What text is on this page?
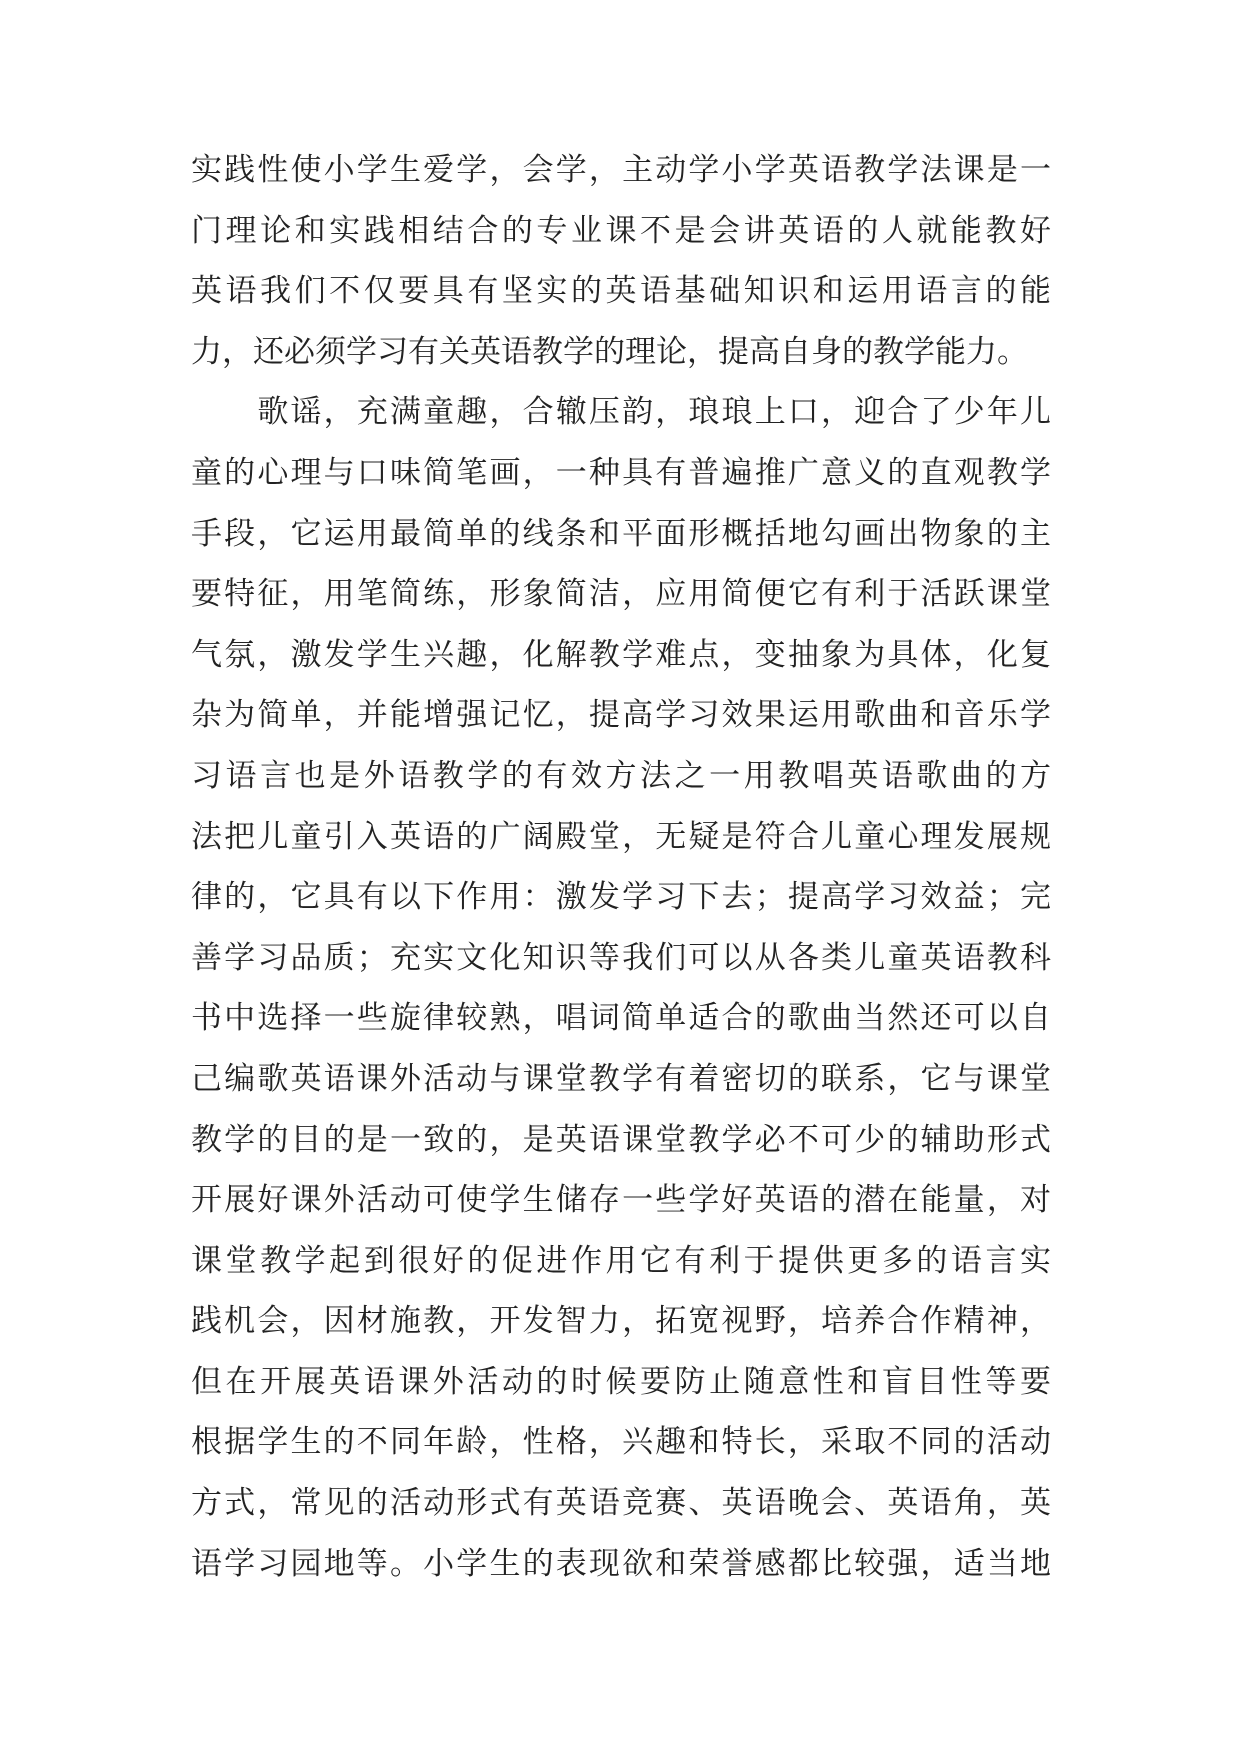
实践性使小学生爱学，会学，主动学小学英语教学法课是一
门理论和实践相结合的专业课不是会讲英语的人就能教好
英语我们不仅要具有坚实的英语基础知识和运用语言的能
力，还必须学习有关英语教学的理论，提高自身的教学能力。
　　歌谣，充满童趣，合辙压韵，琅琅上口，迎合了少年儿
童的心理与口味简笔画，一种具有普遍推广意义的直观教学
手段，它运用最简单的线条和平面形概括地勾画出物象的主
要特征，用笔简练，形象简洁，应用简便它有利于活跃课堂
气氛，激发学生兴趣，化解教学难点，变抽象为具体，化复
杂为简单，并能增强记忆，提高学习效果运用歌曲和音乐学
习语言也是外语教学的有效方法之一用教唱英语歌曲的方
法把儿童引入英语的广阔殿堂，无疑是符合儿童心理发展规
律的，它具有以下作用：激发学习下去；提高学习效益；完
善学习品质；充实文化知识等我们可以从各类儿童英语教科
书中选择一些旋律较熟，唱词简单适合的歌曲当然还可以自
己编歌英语课外活动与课堂教学有着密切的联系，它与课堂
教学的目的是一致的，是英语课堂教学必不可少的辅助形式
开展好课外活动可使学生储存一些学好英语的潜在能量，对
课堂教学起到很好的促进作用它有利于提供更多的语言实
践机会，因材施教，开发智力，拓宽视野，培养合作精神，
但在开展英语课外活动的时候要防止随意性和盲目性等要
根据学生的不同年龄，性格，兴趣和特长，采取不同的活动
方式，常见的活动形式有英语竞赛、英语晚会、英语角，英
语学习园地等。小学生的表现欲和荣誉感都比较强，适当地
